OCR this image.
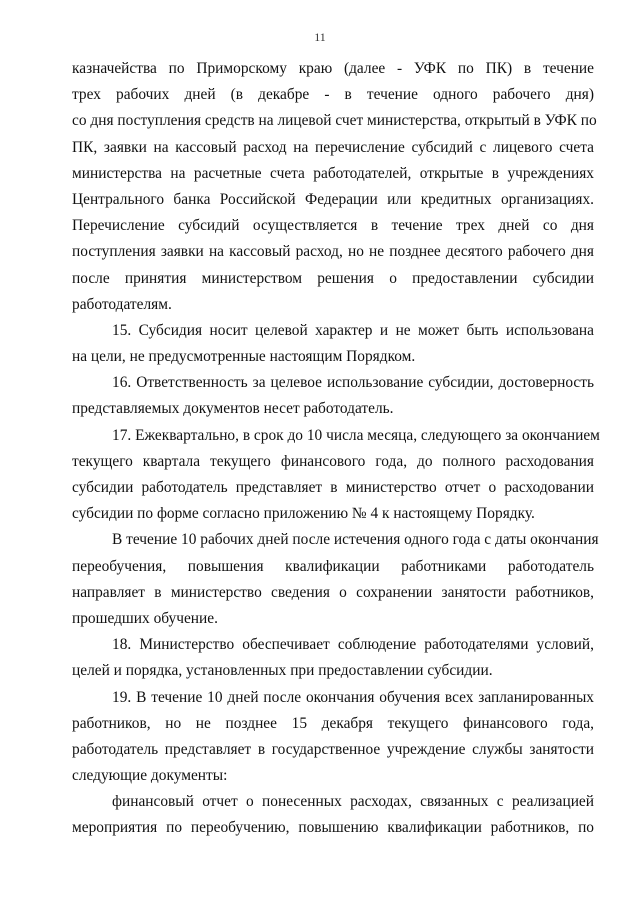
11
казначейства по Приморскому краю (далее - УФК по ПК) в течение
трех рабочих дней (в декабре - в течение одного рабочего дня)
со дня поступления средств на лицевой счет министерства, открытый в УФК по
ПК, заявки на кассовый расход на перечисление субсидий с лицевого счета
министерства на расчетные счета работодателей, открытые в учреждениях
Центрального банка Российской Федерации или кредитных организациях.
Перечисление субсидий осуществляется в течение трех дней со дня
поступления заявки на кассовый расход, но не позднее десятого рабочего дня
после принятия министерством решения о предоставлении субсидии
работодателям.
15. Субсидия носит целевой характер и не может быть использована
на цели, не предусмотренные настоящим Порядком.
16. Ответственность за целевое использование субсидии, достоверность
представляемых документов несет работодатель.
17. Ежеквартально, в срок до 10 числа месяца, следующего за окончанием
текущего квартала текущего финансового года, до полного расходования
субсидии работодатель представляет в министерство отчет о расходовании
субсидии по форме согласно приложению № 4 к настоящему Порядку.
В течение 10 рабочих дней после истечения одного года с даты окончания
переобучения, повышения квалификации работниками работодатель
направляет в министерство сведения о сохранении занятости работников,
прошедших обучение.
18. Министерство обеспечивает соблюдение работодателями условий,
целей и порядка, установленных при предоставлении субсидии.
19. В течение 10 дней после окончания обучения всех запланированных
работников, но не позднее 15 декабря текущего финансового года,
работодатель представляет в государственное учреждение службы занятости
следующие документы:
финансовый отчет о понесенных расходах, связанных с реализацией
мероприятия по переобучению, повышению квалификации работников, по
